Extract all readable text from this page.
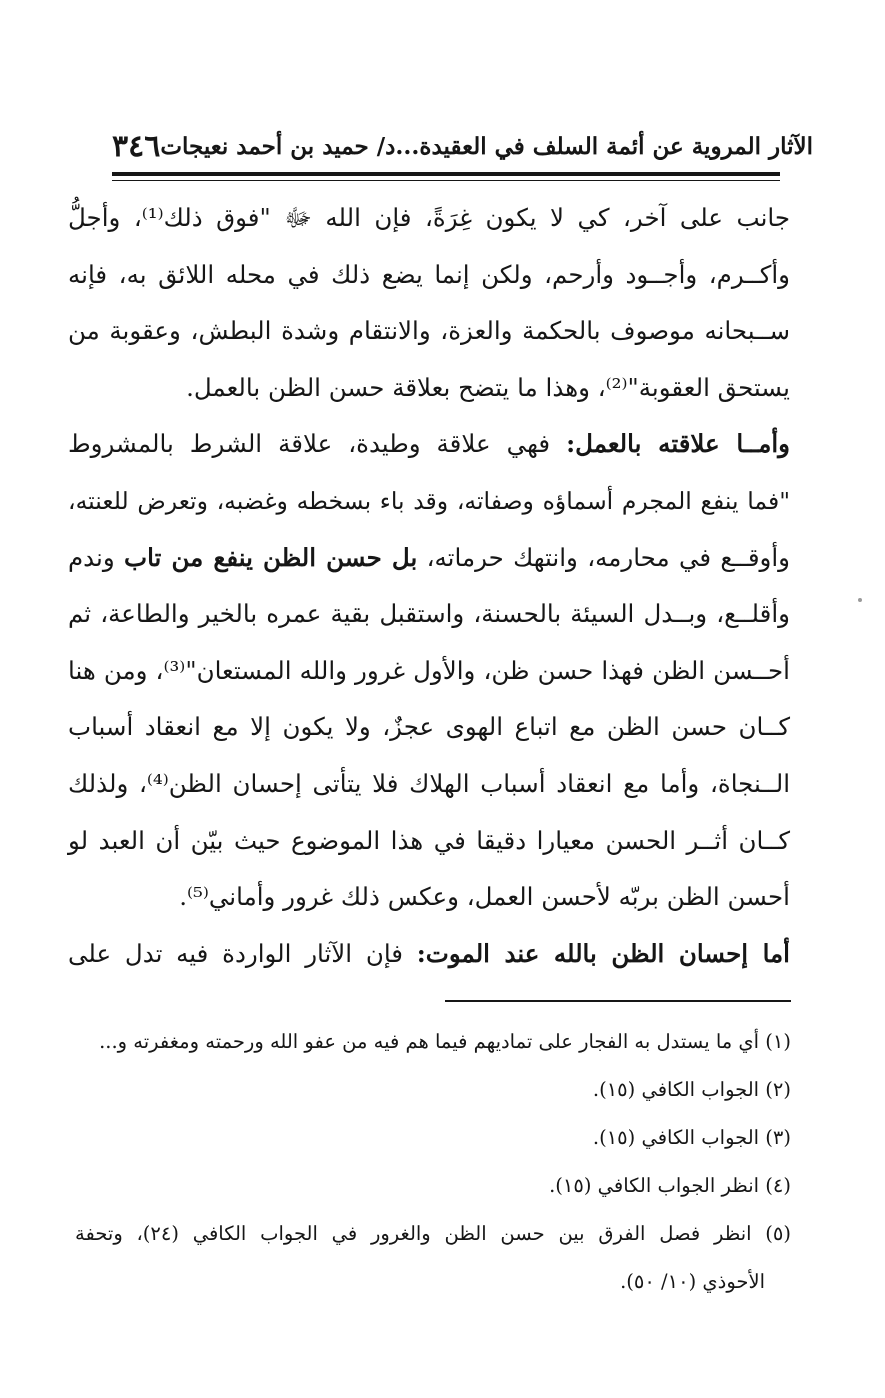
٣٤٦ الآثار المروية عن أئمة السلف في العقيدة...د/ حميد بن أحمد نعيجات
جانب على آخر، كي لا يكون غِرَةً، فإن الله ﷻ "فوق ذلك⁽¹⁾، وأجلُّ
وأكــرم، وأجــود وأرحم، ولكن إنما يضع ذلك في محله اللائق به، فإنه
ســبحانه موصوف بالحكمة والعزة، والانتقام وشدة البطش، وعقوبة من
يستحق العقوبة"⁽²⁾، وهذا ما يتضح بعلاقة حسن الظن بالعمل.
وأمــا علاقته بالعمل: فهي علاقة وطيدة، علاقة الشرط بالمشروط
"فما ينفع المجرم أسماؤه وصفاته، وقد باء بسخطه وغضبه، وتعرض للعنته،
وأوقــع في محارمه، وانتهك حرماته، بل حسن الظن ينفع من تاب وندم
وأقلــع، وبــدل السيئة بالحسنة، واستقبل بقية عمره بالخير والطاعة، ثم
أحــسن الظن فهذا حسن ظن، والأول غرور والله المستعان"⁽³⁾، ومن هنا
كــان حسن الظن مع اتباع الهوى عجزٌ، ولا يكون إلا مع انعقاد أسباب
الــنجاة، وأما مع انعقاد أسباب الهلاك فلا يتأتى إحسان الظن⁽⁴⁾، ولذلك
كــان أثــر الحسن معيارا دقيقا في هذا الموضوع حيث بيّن أن العبد لو
أحسن الظن بربّه لأحسن العمل، وعكس ذلك غرور وأماني⁽⁵⁾.
أما إحسان الظن بالله عند الموت: فإن الآثار الواردة فيه تدل على
(١) أي ما يستدل به الفجار على تماديهم فيما هم فيه من عفو الله ورحمته ومغفرته و...
(٢) الجواب الكافي (١٥).
(٣) الجواب الكافي (١٥).
(٤) انظر الجواب الكافي (١٥).
(٥) انظر فصل الفرق بين حسن الظن والغرور في الجواب الكافي (٢٤)، وتحفة
الأحوذي (١٠/ ٥٠).
